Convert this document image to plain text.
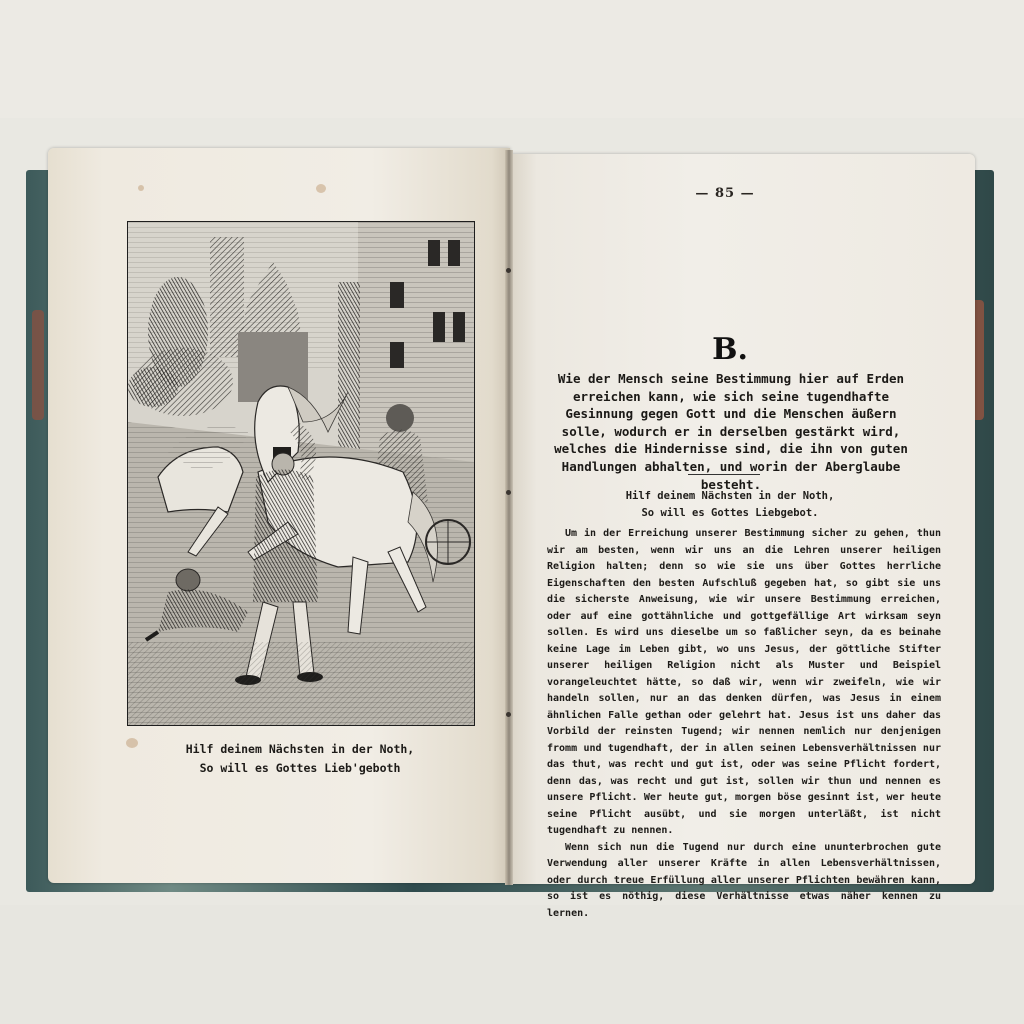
Hilf deinem Nächsten in der Noth,
So will es Gottes Lieb'geboth
— 85 —
B.
Wie der Mensch seine Bestimmung hier auf Erden erreichen kann, wie sich seine tugendhafte Gesinnung gegen Gott und die Menschen äußern solle, wodurch er in derselben gestärkt wird, welches die Hindernisse sind, die ihn von guten Handlungen abhalten, und worin der Aberglaube besteht.
Hilf deinem Nächsten in der Noth,
So will es Gottes Liebgebot.

Um in der Erreichung unserer Bestimmung sicher zu gehen, thun wir am besten, wenn wir uns an die Lehren unserer heiligen Religion halten; denn so wie sie uns über Gottes herrliche Eigenschaften den besten Aufschluß gegeben hat, so gibt sie uns die sicherste Anweisung, wie wir unsere Bestimmung erreichen, oder auf eine gottähnliche und gottgefällige Art wirksam seyn sollen. Es wird uns dieselbe um so faßlicher seyn, da es beinahe keine Lage im Leben gibt, wo uns Jesus, der göttliche Stifter unserer heiligen Religion nicht als Muster und Beispiel vorangeleuchtet hätte, so daß wir, wenn wir zweifeln, wie wir handeln sollen, nur an das denken dürfen, was Jesus in einem ähnlichen Falle gethan oder gelehrt hat. Jesus ist uns daher das Vorbild der reinsten Tugend; wir nennen nemlich nur denjenigen fromm und tugendhaft, der in allen seinen Lebensverhältnissen nur das thut, was recht und gut ist, oder was seine Pflicht fordert, denn das, was recht und gut ist, sollen wir thun und nennen es unsere Pflicht. Wer heute gut, morgen böse gesinnt ist, wer heute seine Pflicht ausübt, und sie morgen unterläßt, ist nicht tugendhaft zu nennen.

Wenn sich nun die Tugend nur durch eine ununterbrochen gute Verwendung aller unserer Kräfte in allen Lebensverhältnissen, oder durch treue Erfüllung aller unserer Pflichten bewähren kann, so ist es nöthig, diese Verhältnisse etwas näher kennen zu lernen.
